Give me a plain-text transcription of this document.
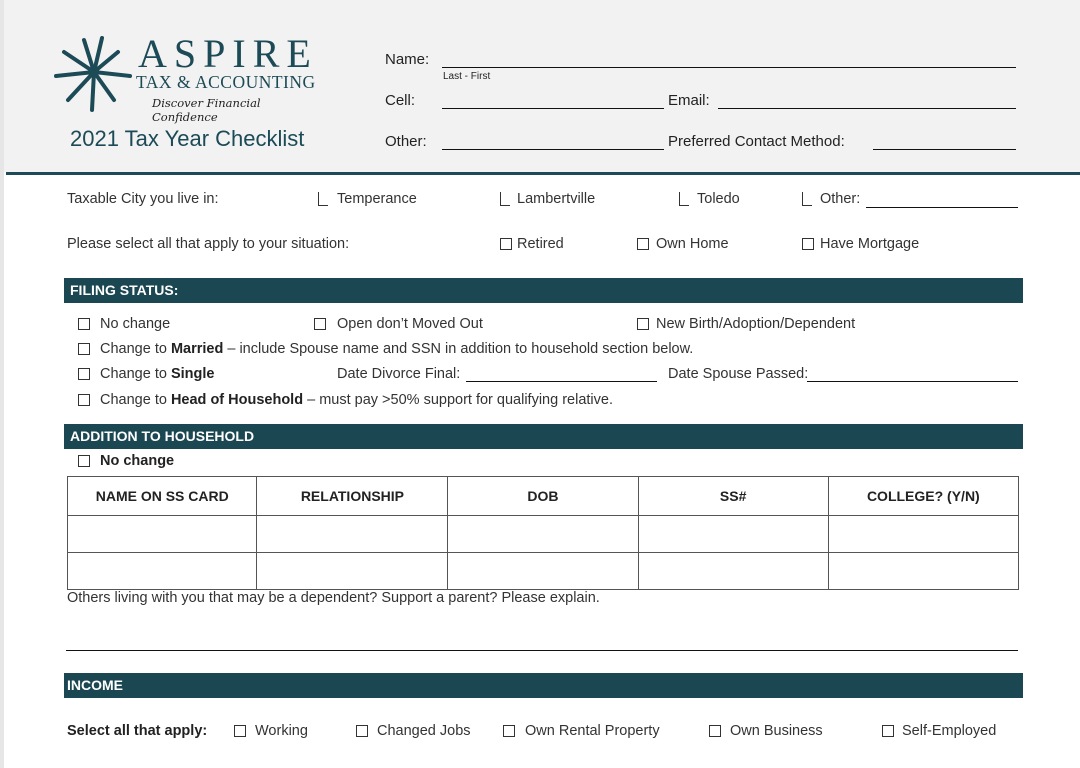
ASPIRE
TAX & ACCOUNTING
Discover Financial Confidence
2021 Tax Year Checklist
Name:
Last - First
Cell:	Email:
Other:	Preferred Contact Method:
Taxable City you live in:	Temperance	Lambertville	Toledo	Other:
Please select all that apply to your situation:	Retired	Own Home	Have Mortgage
FILING STATUS:
No change	Open don’t Moved Out	New Birth/Adoption/Dependent
Change to Married – include Spouse name and SSN in addition to household section below.
Change to Single	Date Divorce Final:	Date Spouse Passed:
Change to Head of Household – must pay >50% support for qualifying relative.
ADDITION TO HOUSEHOLD
No change
NAME ON SS CARD	RELATIONSHIP	DOB	SS#	COLLEGE? (Y/N)

Others living with you that may be a dependent? Support a parent? Please explain.
INCOME
Select all that apply:	Working	Changed Jobs	Own Rental Property	Own Business	Self-Employed
